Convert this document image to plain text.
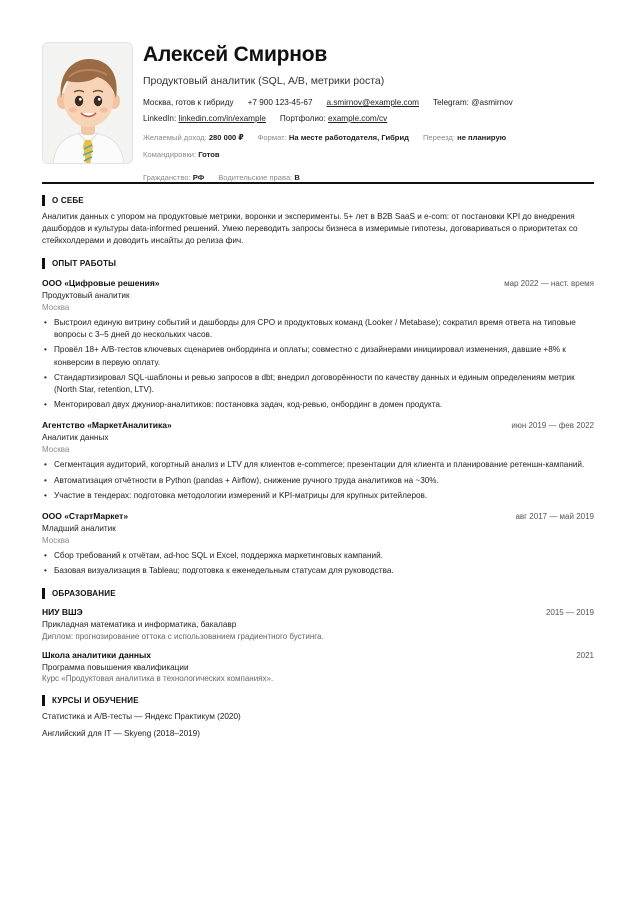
Алексей Смирнов
Продуктовый аналитик (SQL, A/B, метрики роста)
Москва, готов к гибриду +7 900 123-45-67 a.smirnov@example.com Telegram: @asmirnov
LinkedIn: linkedin.com/in/example Портфолио: example.com/cv
Желаемый доход: 280 000 ₽ Формат: На месте работодателя, Гибрид Переезд: не планирую
Командировки: Готов
Гражданство: РФ Водительские права: B
О СЕБЕ
Аналитик данных с упором на продуктовые метрики, воронки и эксперименты. 5+ лет в B2B SaaS и e-com: от постановки KPI до внедрения дашбордов и культуры data-informed решений. Умею переводить запросы бизнеса в измеримые гипотезы, договариваться о приоритетах со стейкхолдерами и доводить инсайты до релиза фич.
ОПЫТ РАБОТЫ
ООО «Цифровые решения»	мар 2022 — наст. время
Продуктовый аналитик
Москва
• Выстроил единую витрину событий и дашборды для CPO и продуктовых команд (Looker / Metabase); сократил время ответа на типовые вопросы с 3–5 дней до нескольких часов.
• Провёл 18+ A/B-тестов ключевых сценариев онбординга и оплаты; совместно с дизайнерами инициировал изменения, давшие +8% к конверсии в первую оплату.
• Стандартизировал SQL-шаблоны и ревью запросов в dbt; внедрил договорённости по качеству данных и единым определениям метрик (North Star, retention, LTV).
• Менторировал двух джуниор-аналитиков: постановка задач, код-ревью, онбординг в домен продукта.
Агентство «МаркетАналитика»	июн 2019 — фев 2022
Аналитик данных
Москва
• Сегментация аудиторий, когортный анализ и LTV для клиентов e-commerce; презентации для клиента и планирование ретеншн-кампаний.
• Автоматизация отчётности в Python (pandas + Airflow), снижение ручного труда аналитиков на ~30%.
• Участие в тендерах: подготовка методологии измерений и KPI-матрицы для крупных ритейлеров.
ООО «СтартМаркет»	авг 2017 — май 2019
Младший аналитик
Москва
• Сбор требований к отчётам, ad-hoc SQL и Excel, поддержка маркетинговых кампаний.
• Базовая визуализация в Tableau; подготовка к еженедельным статусам для руководства.
ОБРАЗОВАНИЕ
НИУ ВШЭ	2015 — 2019
Прикладная математика и информатика, бакалавр
Диплом: прогнозирование оттока с использованием градиентного бустинга.
Школа аналитики данных	2021
Программа повышения квалификации
Курс «Продуктовая аналитика в технологических компаниях».
КУРСЫ И ОБУЧЕНИЕ
Статистика и A/B-тесты — Яндекс Практикум (2020)
Английский для IT — Skyeng (2018–2019)
